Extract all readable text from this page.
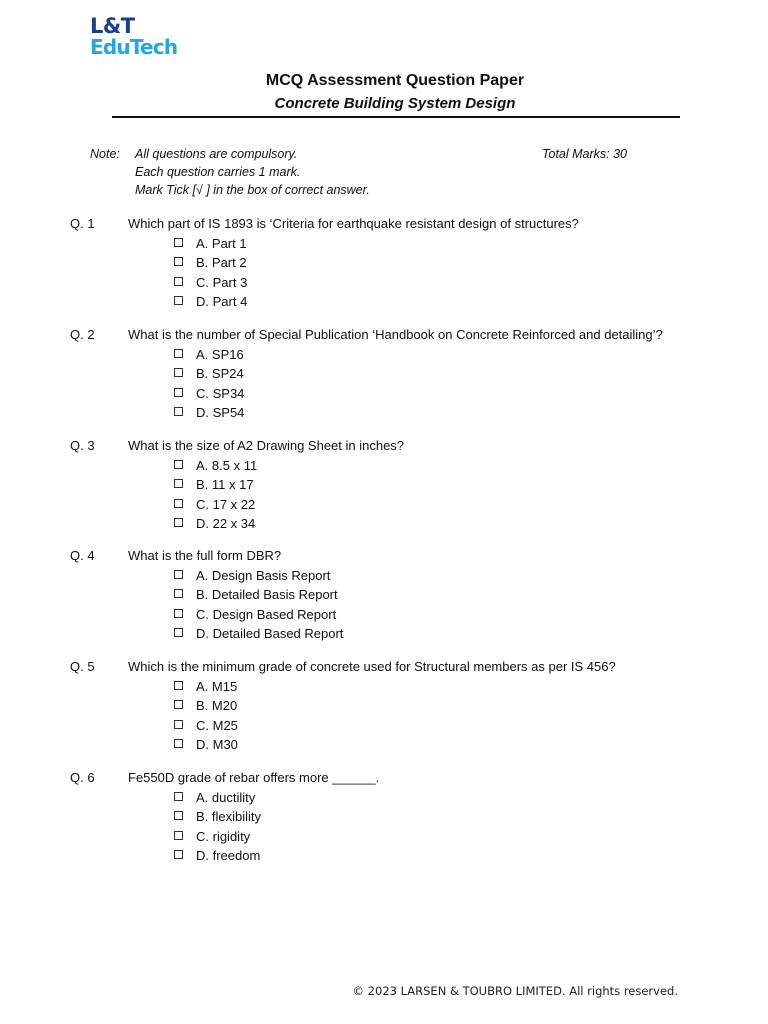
L&T
EduTech
MCQ Assessment Question Paper
Concrete Building System Design
Note: All questions are compulsory.
Each question carries 1 mark.
Mark Tick [√ ] in the box of correct answer.
Total Marks: 30
Q. 1	Which part of IS 1893 is ‘Criteria for earthquake resistant design of structures?
A. Part 1
B. Part 2
C. Part 3
D. Part 4
Q. 2	What is the number of Special Publication ‘Handbook on Concrete Reinforced and detailing’?
A. SP16
B. SP24
C. SP34
D. SP54
Q. 3	What is the size of A2 Drawing Sheet in inches?
A. 8.5 x 11
B. 11 x 17
C. 17 x 22
D. 22 x 34
Q. 4	What is the full form DBR?
A. Design Basis Report
B. Detailed Basis Report
C. Design Based Report
D. Detailed Based Report
Q. 5	Which is the minimum grade of concrete used for Structural members as per IS 456?
A. M15
B. M20
C. M25
D. M30
Q. 6	Fe550D grade of rebar offers more ______.
A. ductility
B. flexibility
C. rigidity
D. freedom
© 2023 LARSEN & TOUBRO LIMITED. All rights reserved.
